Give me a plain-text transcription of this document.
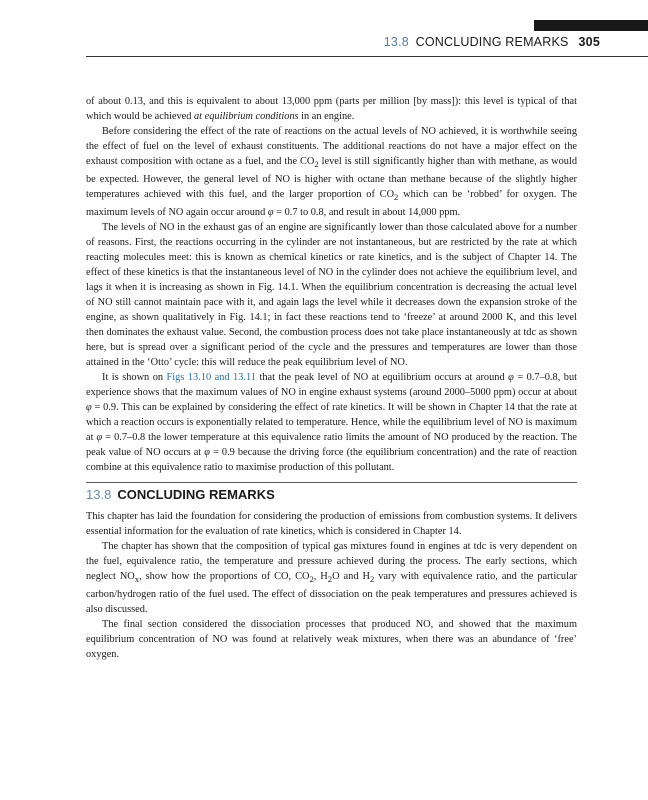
13.8 CONCLUDING REMARKS 305

of about 0.13, and this is equivalent to about 13,000 ppm (parts per million [by mass]): this level is typical of that which would be achieved at equilibrium conditions in an engine.

Before considering the effect of the rate of reactions on the actual levels of NO achieved, it is worthwhile seeing the effect of fuel on the level of exhaust constituents. The additional reactions do not have a major effect on the exhaust composition with octane as a fuel, and the $CO_2$ level is still significantly higher than with methane, as would be expected. However, the general level of NO is higher with octane than methane because of the slightly higher temperatures achieved with this fuel, and the larger proportion of $CO_2$ which can be ‘robbed’ for oxygen. The maximum levels of NO again occur around φ = 0.7 to 0.8, and result in about 14,000 ppm.

The levels of NO in the exhaust gas of an engine are significantly lower than those calculated above for a number of reasons. First, the reactions occurring in the cylinder are not instantaneous, but are restricted by the rate at which reacting molecules meet: this is known as chemical kinetics or rate kinetics, and is the subject of Chapter 14. The effect of these kinetics is that the instantaneous level of NO in the cylinder does not achieve the equilibrium level, and lags it when it is increasing as shown in Fig. 14.1. When the equilibrium concentration is decreasing the actual level of NO still cannot maintain pace with it, and again lags the level while it decreases down the expansion stroke of the engine, as shown qualitatively in Fig. 14.1; in fact these reactions tend to ‘freeze’ at around 2000 K, and this level then dominates the exhaust value. Second, the combustion process does not take place instantaneously at tdc as shown here, but is spread over a significant period of the cycle and the pressures and temperatures are lower than those attained in the ‘Otto’ cycle: this will reduce the peak equilibrium level of NO.

It is shown on Figs 13.10 and 13.11 that the peak level of NO at equilibrium occurs at around φ = 0.7–0.8, but experience shows that the maximum values of NO in engine exhaust systems (around 2000–5000 ppm) occur at about φ = 0.9. This can be explained by considering the effect of rate kinetics. It will be shown in Chapter 14 that the rate at which a reaction occurs is exponentially related to temperature. Hence, while the equilibrium level of NO is maximum at φ = 0.7–0.8 the lower temperature at this equivalence ratio limits the amount of NO produced by the reaction. The peak value of NO occurs at φ = 0.9 because the driving force (the equilibrium concentration) and the rate of reaction combine at this equivalence ratio to maximise production of this pollutant.

13.8 CONCLUDING REMARKS

This chapter has laid the foundation for considering the production of emissions from combustion systems. It delivers essential information for the evaluation of rate kinetics, which is considered in Chapter 14.

The chapter has shown that the composition of typical gas mixtures found in engines at tdc is very dependent on the fuel, equivalence ratio, the temperature and pressure achieved during the process. The early sections, which neglect $NO_x$, show how the proportions of CO, $CO_2$, $H_2O$ and $H_2$ vary with equivalence ratio, and the particular carbon/hydrogen ratio of the fuel used. The effect of dissociation on the peak temperatures and pressures achieved is also discussed.

The final section considered the dissociation processes that produced NO, and showed that the maximum equilibrium concentration of NO was found at relatively weak mixtures, when there was an abundance of ‘free’ oxygen.
